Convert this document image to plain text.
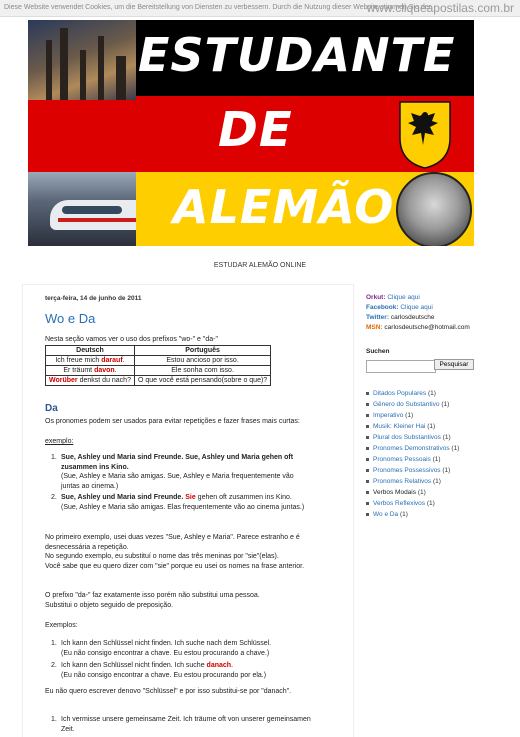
Diese Website verwendet Cookies, um die Bereitstellung von Diensten zu verbessern. Durch die Nutzung dieser Website stimmen Sie der
www.cliqueapostilas.com.br
ESTUDANTE
DE
ALEMÃO
ESTUDAR ALEMÃO ONLINE
terça-feira, 14 de junho de 2011
Wo e Da
Nesta seção vamos ver o uso dos prefixos "wo-" e "da-"
Deutsch	Português
Ich freue mich darauf.	Estou ancioso por isso.
Er träumt davon.	Ele sonha com isso.
Worüber denkst du nach?	O que você está pensando(sobre o que)?
Da
Os pronomes podem ser usados para evitar repetições e fazer frases mais curtas:
exemplo:
1. Sue, Ashley und Maria sind Freunde. Sue, Ashley und Maria gehen oft zusammen ins Kino.
(Sue, Ashley e Maria são amigas. Sue, Ashley e Maria frequentemente vão juntas ao cinema.)
2. Sue, Ashley und Maria sind Freunde. Sie gehen oft zusammen ins Kino.
(Sue, Ashley e Maria são amigas. Elas frequentemente vão ao cinema juntas.)
No primeiro exemplo, usei duas vezes "Sue, Ashley e Maria". Parece estranho e é desnecessária a repetição.
No segundo exemplo, eu substituí o nome das três meninas por "sie"(elas).
Você sabe que eu quero dizer com "sie" porque eu usei os nomes na frase anterior.
O prefixo "da-" faz exatamente isso porém não substitui uma pessoa.
Substitui o objeto seguido de preposição.
Exemplos:
1. Ich kann den Schlüssel nicht finden. Ich suche nach dem Schlüssel.
(Eu não consigo encontrar a chave. Eu estou procurando a chave.)
2. Ich kann den Schlüssel nicht finden. Ich suche danach.
(Eu não consigo encontrar a chave. Eu estou procurando por ela.)
Eu não quero escrever denovo "Schlüssel" e por isso substitui-se por "danach".
1. Ich vermisse unsere gemeinsame Zeit. Ich träume oft von unserer gemeinsamen Zeit.
Orkut: Clique aqui
Facebook: Clique aqui
Twitter: carlosdeutsche
MSN: carlosdeutsche@hotmail.com
Suchen
Pesquisar
Ditados Populares (1)
Gênero do Substantivo (1)
Imperativo (1)
Musik: Kleiner Hai (1)
Plural dos Substantivos (1)
Pronomes Demonstrativos (1)
Pronomes Pessoais (1)
Pronomes Possessivos (1)
Pronomes Relativos (1)
Verbos Modais (1)
Verbos Reflexivos (1)
Wo e Da (1)
